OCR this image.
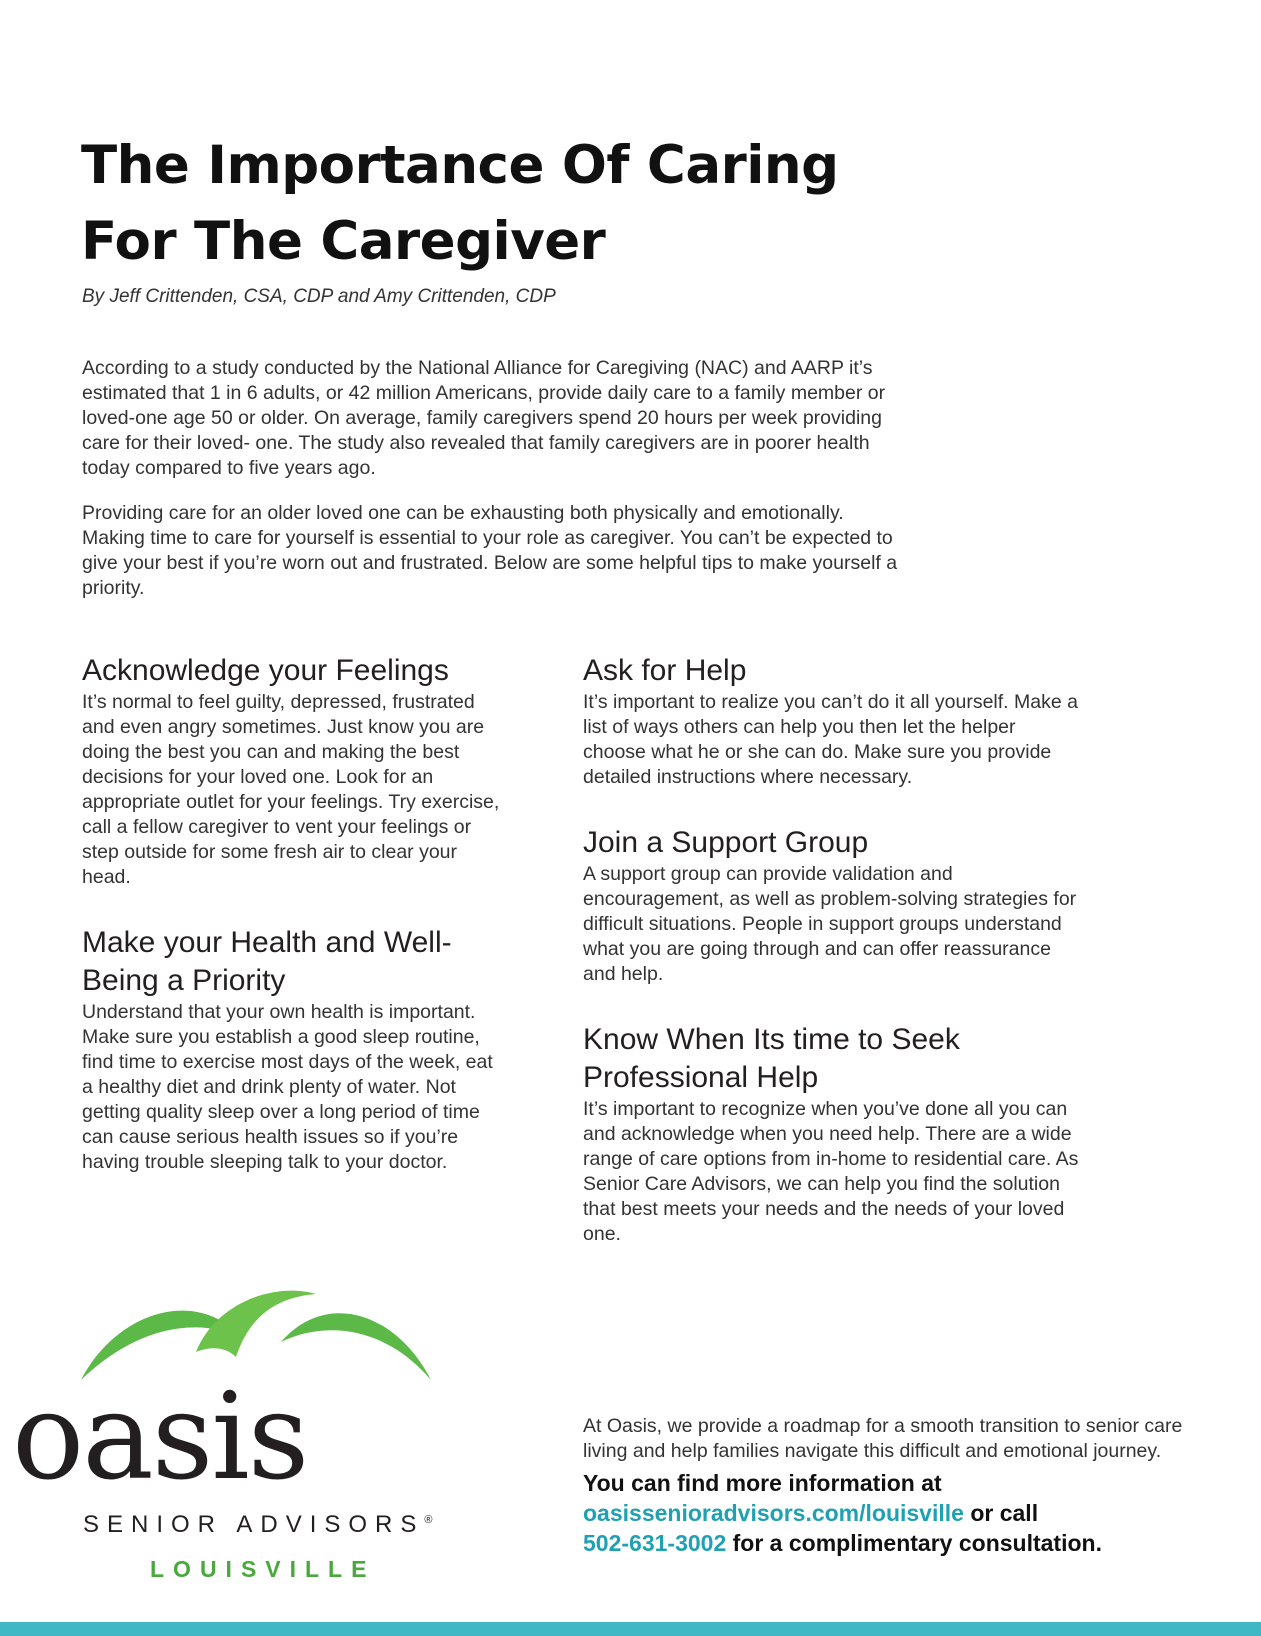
The Importance Of Caring
For The Caregiver

By Jeff Crittenden, CSA, CDP and Amy Crittenden, CDP

According to a study conducted by the National Alliance for Caregiving (NAC) and AARP it’s estimated that 1 in 6 adults, or 42 million Americans, provide daily care to a family member or loved-one age 50 or older. On average, family caregivers spend 20 hours per week providing care for their loved- one. The study also revealed that family caregivers are in poorer health today compared to five years ago.

Providing care for an older loved one can be exhausting both physically and emotionally. Making time to care for yourself is essential to your role as caregiver. You can’t be expected to give your best if you’re worn out and frustrated. Below are some helpful tips to make yourself a priority.

Acknowledge your Feelings

It’s normal to feel guilty, depressed, frustrated and even angry sometimes. Just know you are doing the best you can and making the best decisions for your loved one. Look for an appropriate outlet for your feelings. Try exercise, call a fellow caregiver to vent your feelings or step outside for some fresh air to clear your head.

Make your Health and Well-Being a Priority

Understand that your own health is important. Make sure you establish a good sleep routine, find time to exercise most days of the week, eat a healthy diet and drink plenty of water. Not getting quality sleep over a long period of time can cause serious health issues so if you’re having trouble sleeping talk to your doctor.

Ask for Help

It’s important to realize you can’t do it all yourself. Make a list of ways others can help you then let the helper choose what he or she can do. Make sure you provide detailed instructions where necessary.

Join a Support Group

A support group can provide validation and encouragement, as well as problem-solving strategies for difficult situations. People in support groups understand what you are going through and can offer reassurance and help.

Know When Its time to Seek Professional Help

It’s important to recognize when you’ve done all you can and acknowledge when you need help. There are a wide range of care options from in-home to residential care. As Senior Care Advisors, we can help you find the solution that best meets your needs and the needs of your loved one.

oasis
SENIOR ADVISORS®
LOUISVILLE

At Oasis, we provide a roadmap for a smooth transition to senior care living and help families navigate this difficult and emotional journey.

You can find more information at
oasissenioradvisors.com/louisville or call
502-631-3002 for a complimentary consultation.
